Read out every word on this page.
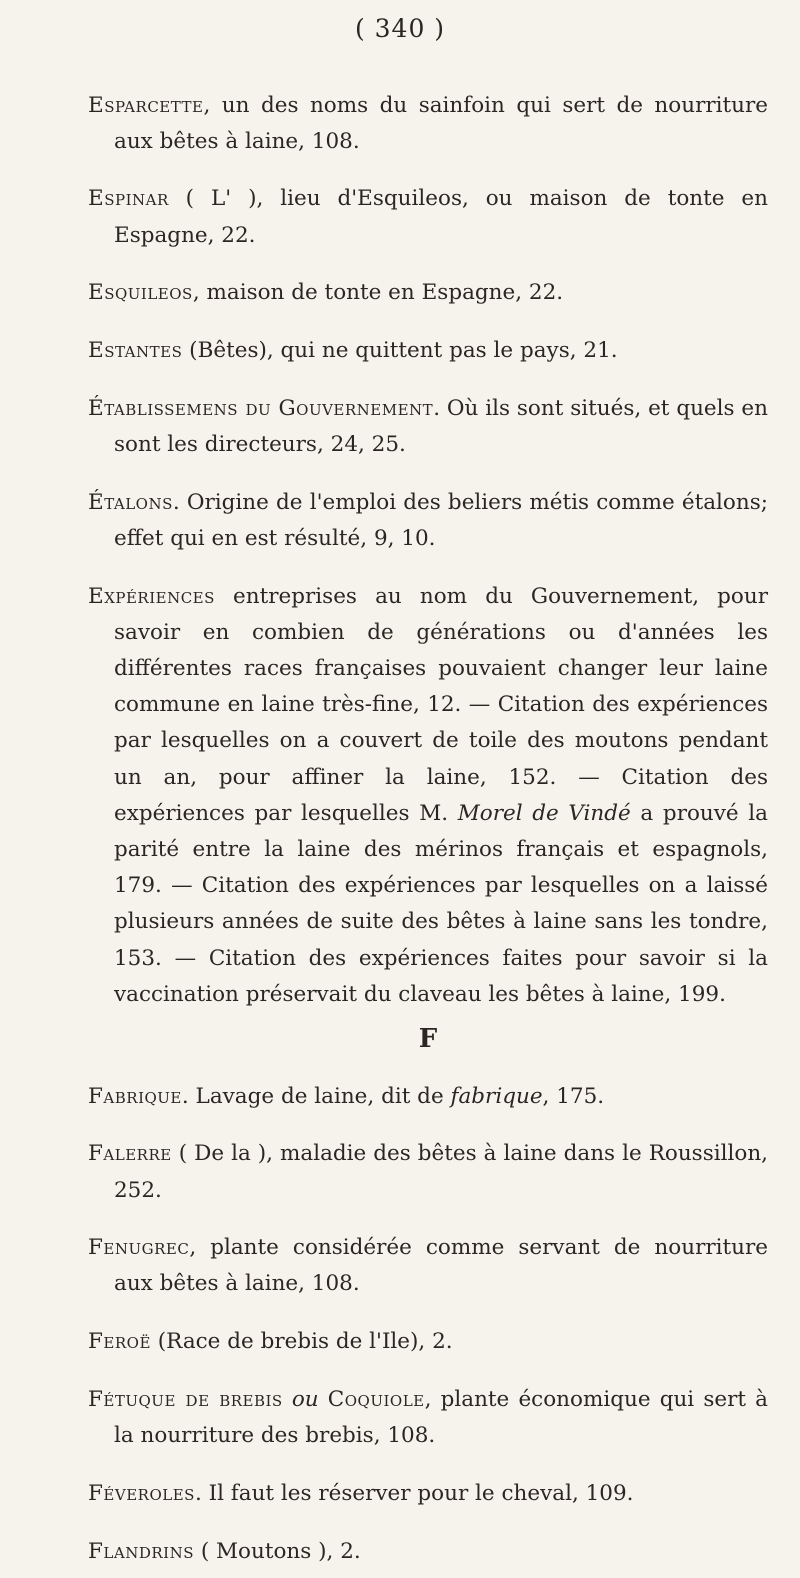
( 340 )

Esparcette, un des noms du sainfoin qui sert de nourriture aux bêtes à laine, 108.

Espinar ( L' ), lieu d'Esquileos, ou maison de tonte en Espagne, 22.

Esquileos, maison de tonte en Espagne, 22.

Estantes (Bêtes), qui ne quittent pas le pays, 21.

Établissemens du Gouvernement. Où ils sont situés, et quels en sont les directeurs, 24, 25.

Étalons. Origine de l'emploi des beliers métis comme étalons; effet qui en est résulté, 9, 10.

Expériences entreprises au nom du Gouvernement, pour savoir en combien de générations ou d'années les différentes races françaises pouvaient changer leur laine commune en laine très-fine, 12. — Citation des expériences par lesquelles on a couvert de toile des moutons pendant un an, pour affiner la laine, 152. — Citation des expériences par lesquelles M. Morel de Vindé a prouvé la parité entre la laine des mérinos français et espagnols, 179. — Citation des expériences par lesquelles on a laissé plusieurs années de suite des bêtes à laine sans les tondre, 153. — Citation des expériences faites pour savoir si la vaccination préservait du claveau les bêtes à laine, 199.

F

Fabrique. Lavage de laine, dit de fabrique, 175.

Falerre ( De la ), maladie des bêtes à laine dans le Roussillon, 252.

Fenugrec, plante considérée comme servant de nourriture aux bêtes à laine, 108.

Feroë (Race de brebis de l'Ile), 2.

Fétuque de brebis ou Coquiole, plante économique qui sert à la nourriture des brebis, 108.

Féveroles. Il faut les réserver pour le cheval, 109.

Flandrins ( Moutons ), 2.
